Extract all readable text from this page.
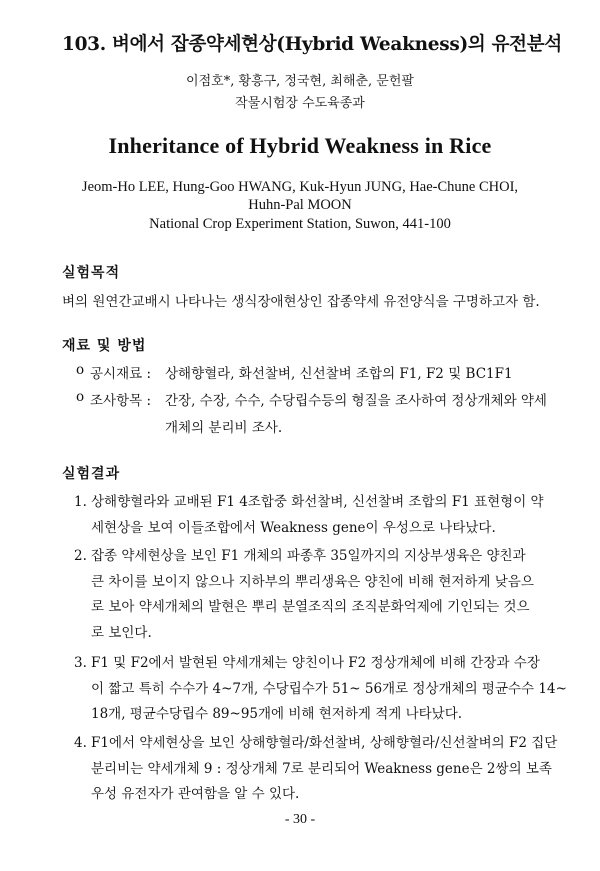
103. 벼에서 잡종약세현상(Hybrid Weakness)의 유전분석
이점호*, 황흥구, 정국현, 최해춘, 문헌팔
작물시험장 수도육종과
Inheritance of Hybrid Weakness in Rice
Jeom-Ho LEE, Hung-Goo HWANG, Kuk-Hyun JUNG, Hae-Chune CHOI,
Huhn-Pal MOON
National Crop Experiment Station, Suwon, 441-100
실험목적
벼의 원연간교배시 나타나는 생식장애현상인 잡종약세 유전양식을 구명하고자 함.
재료 및 방법
o 공시재료 : 상해향혈라, 화선찰벼, 신선찰벼 조합의 F1, F2 및 BC1F1
o 조사항목 : 간장, 수장, 수수, 수당립수등의 형질을 조사하여 정상개체와 약세
개체의 분리비 조사.
실험결과
1. 상해향혈라와 교배된 F1 4조합중 화선찰벼, 신선찰벼 조합의 F1 표현형이 약
세현상을 보여 이들조합에서 Weakness gene이 우성으로 나타났다.
2. 잡종 약세현상을 보인 F1 개체의 파종후 35일까지의 지상부생육은 양친과
큰 차이를 보이지 않으나 지하부의 뿌리생육은 양친에 비해 현저하게 낮음으
로 보아 약세개체의 발현은 뿌리 분열조직의 조직분화억제에 기인되는 것으
로 보인다.
3. F1 및 F2에서 발현된 약세개체는 양친이나 F2 정상개체에 비해 간장과 수장
이 짧고 특히 수수가 4~7개, 수당립수가 51~ 56개로 정상개체의 평균수수 14~
18개, 평균수당립수 89~95개에 비해 현저하게 적게 나타났다.
4. F1에서 약세현상을 보인 상해향혈라/화선찰벼, 상해향혈라/신선찰벼의 F2 집단
분리비는 약세개체 9 : 정상개체 7로 분리되어 Weakness gene은 2쌍의 보족
우성 유전자가 관여함을 알 수 있다.
- 30 -
